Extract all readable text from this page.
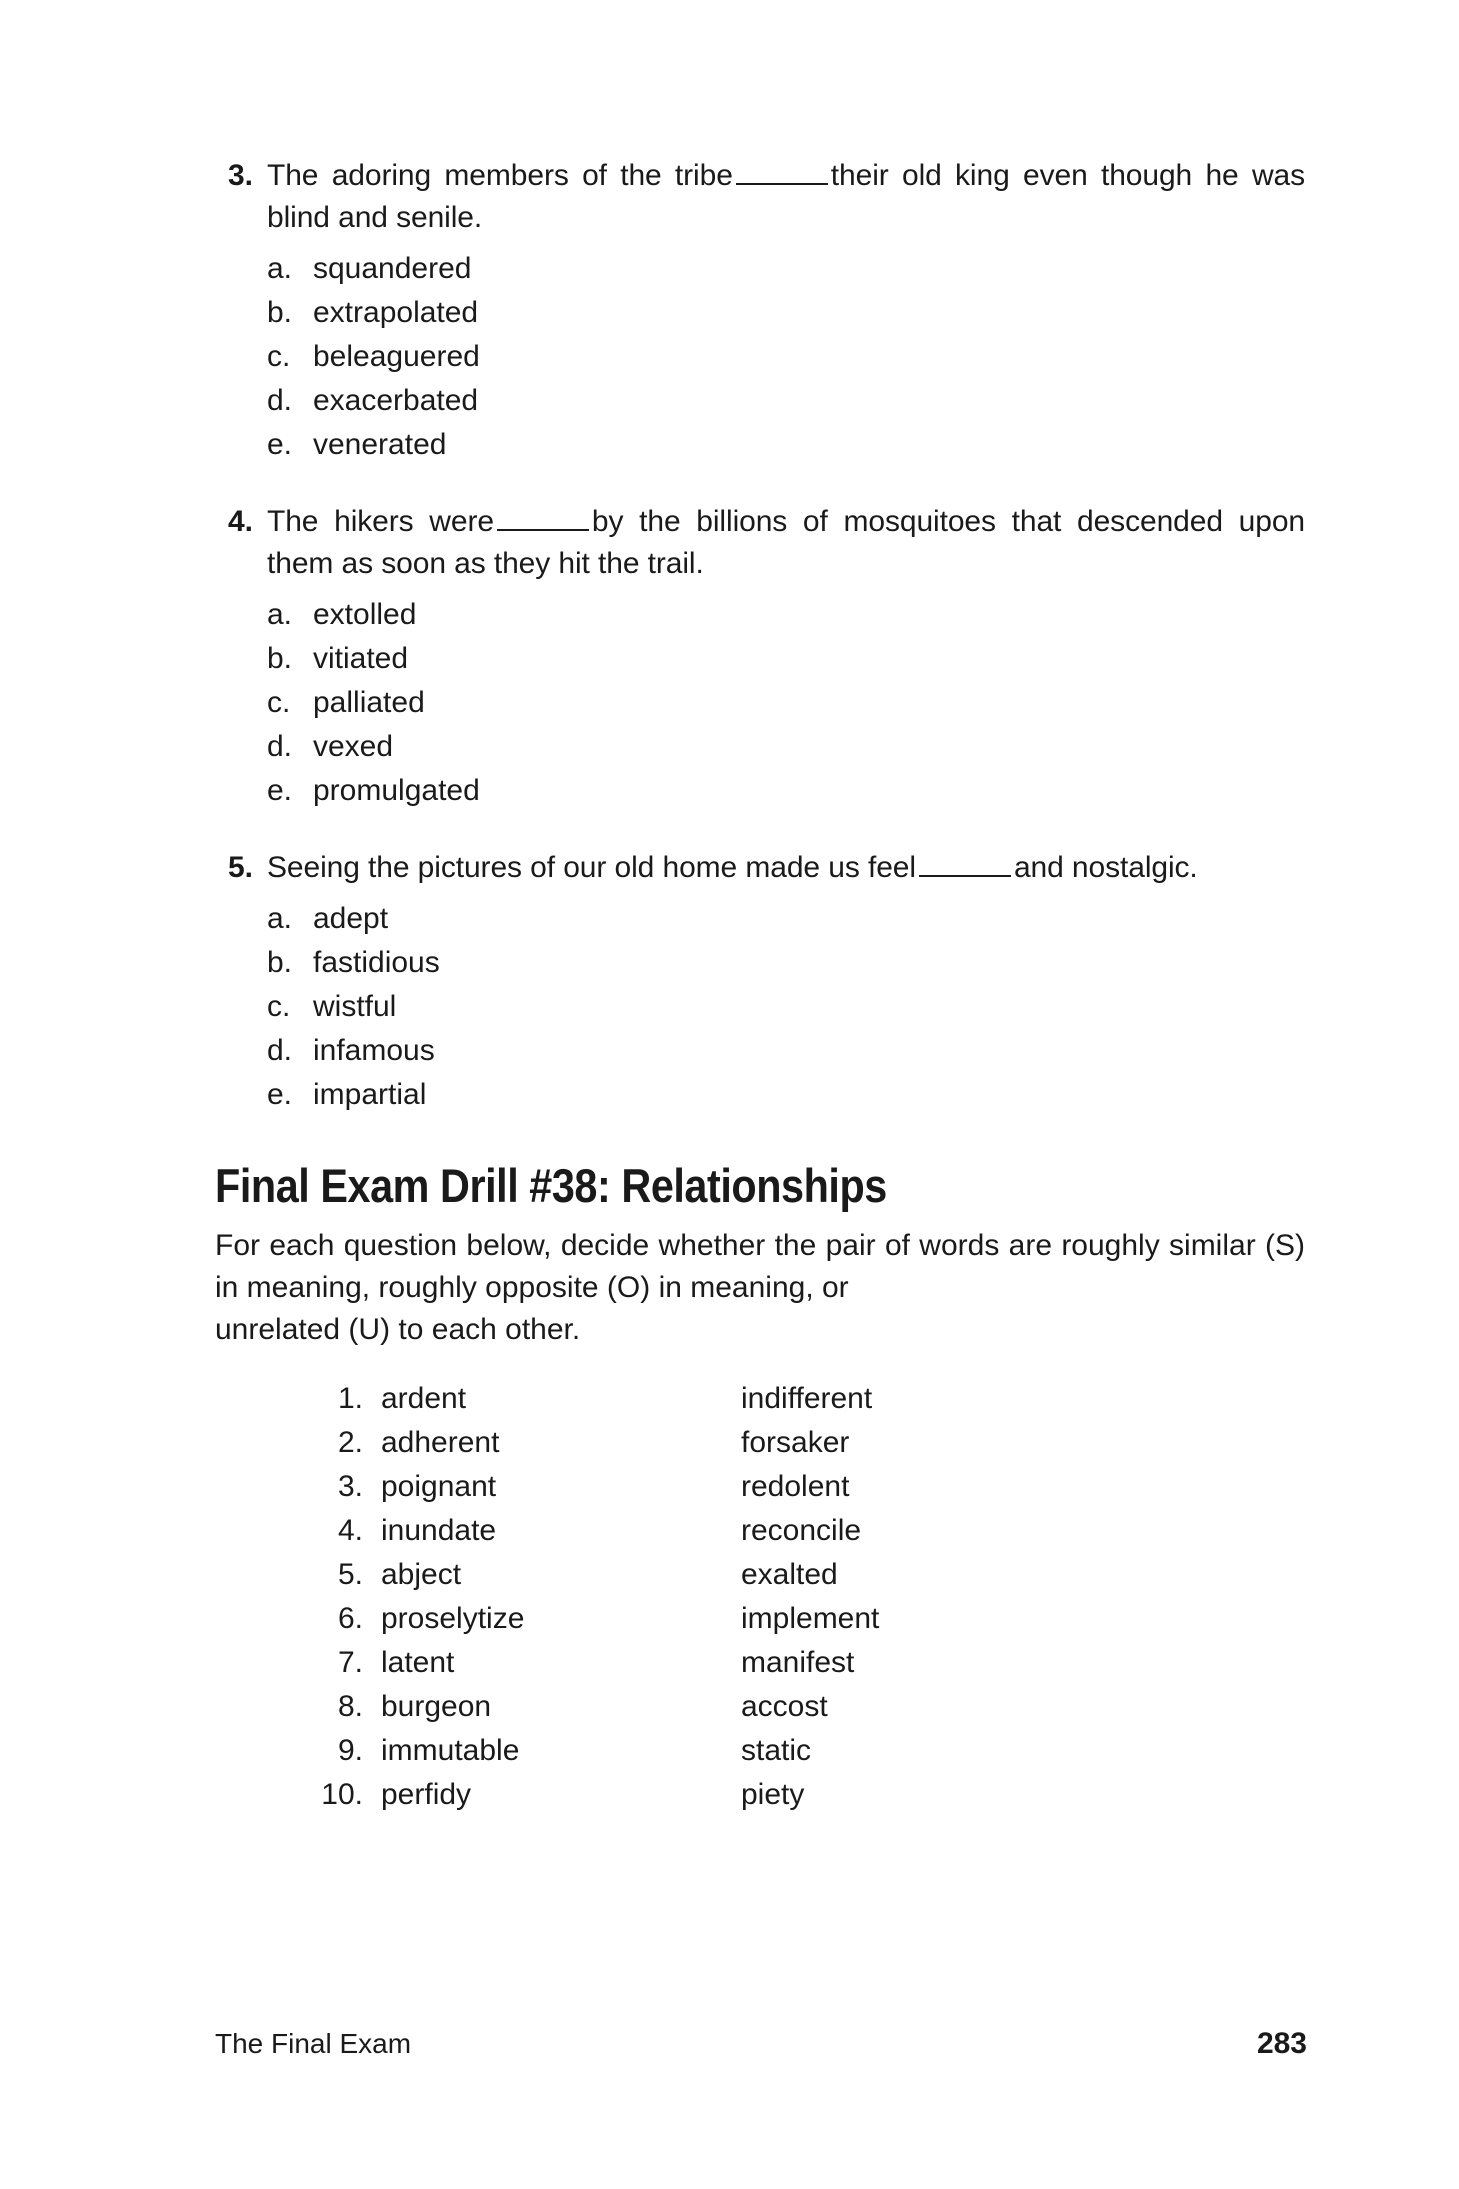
3. The adoring members of the tribe	their old king even though he was blind and senile.
a. squandered
b. extrapolated
c. beleaguered
d. exacerbated
e. venerated
4. The hikers were	by the billions of mosquitoes that descended upon them as soon as they hit the trail.
a. extolled
b. vitiated
c. palliated
d. vexed
e. promulgated
5. Seeing the pictures of our old home made us feel	and nostalgic.
a. adept
b. fastidious
c. wistful
d. infamous
e. impartial
Final Exam Drill #38: Relationships
For each question below, decide whether the pair of words are roughly similar (S) in meaning, roughly opposite (O) in meaning, or
unrelated (U) to each other.
1. ardent	indifferent
2. adherent	forsaker
3. poignant	redolent
4. inundate	reconcile
5. abject	exalted
6. proselytize	implement
7. latent	manifest
8. burgeon	accost
9. immutable	static
10. perfidy	piety
The Final Exam	283
